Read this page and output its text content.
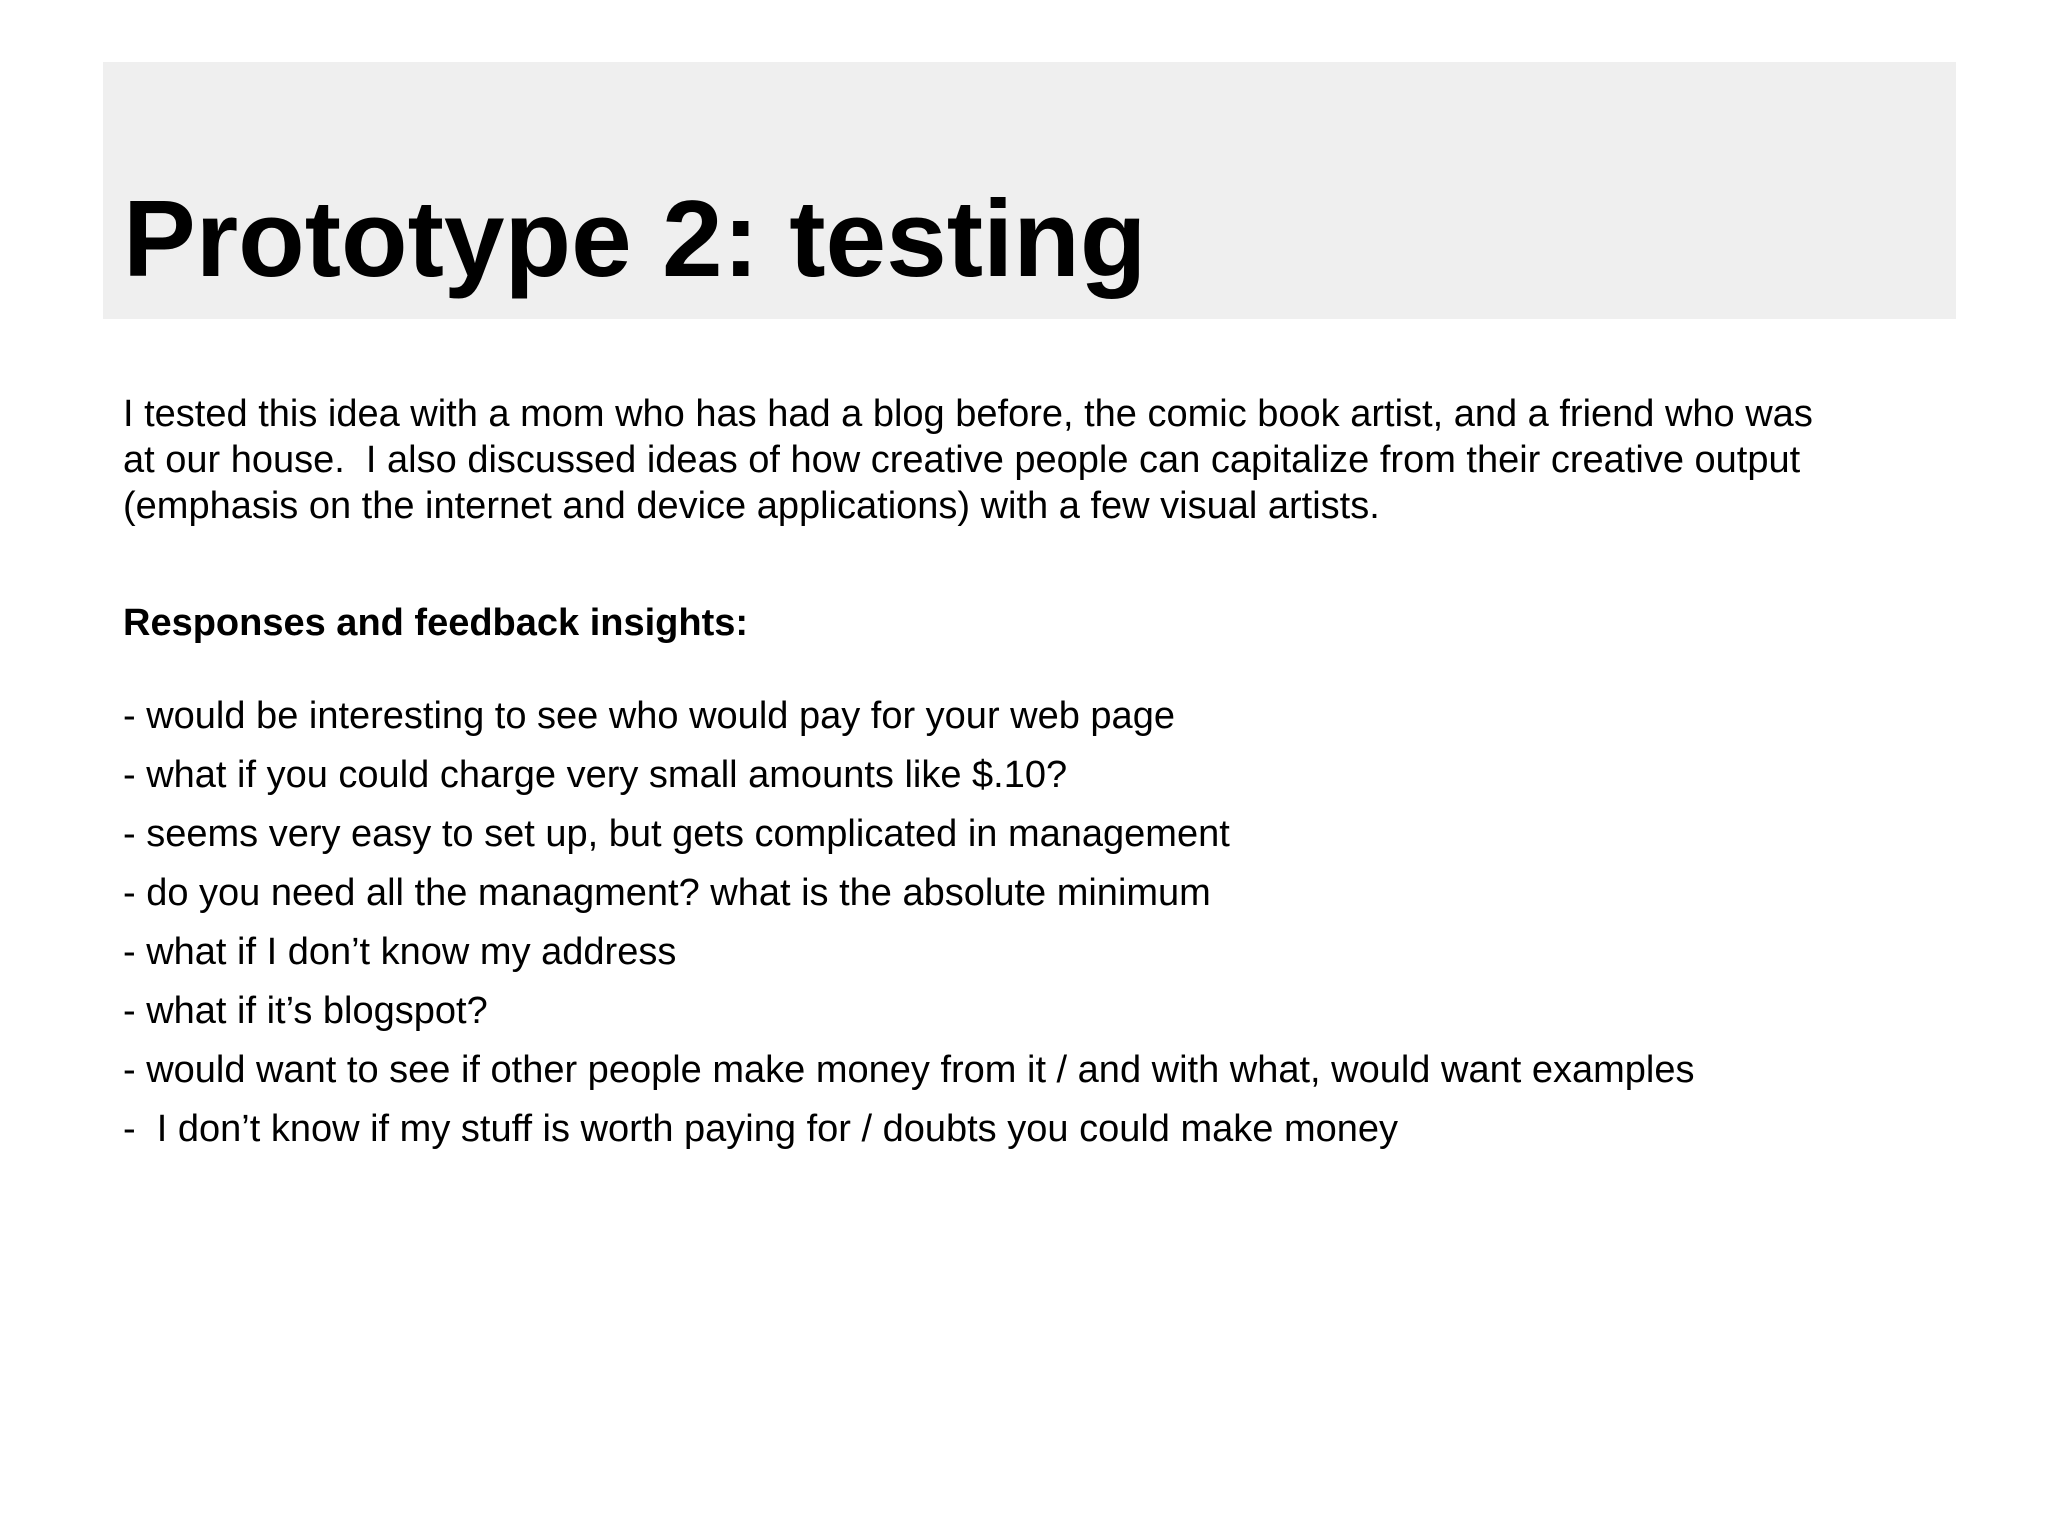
Prototype 2: testing

I tested this idea with a mom who has had a blog before, the comic book artist, and a friend who was
at our house.  I also discussed ideas of how creative people can capitalize from their creative output
(emphasis on the internet and device applications) with a few visual artists.

Responses and feedback insights:
- would be interesting to see who would pay for your web page
- what if you could charge very small amounts like $.10?
- seems very easy to set up, but gets complicated in management
- do you need all the managment? what is the absolute minimum
- what if I don’t know my address
- what if it’s blogspot?
- would want to see if other people make money from it / and with what, would want examples
-  I don’t know if my stuff is worth paying for / doubts you could make money
